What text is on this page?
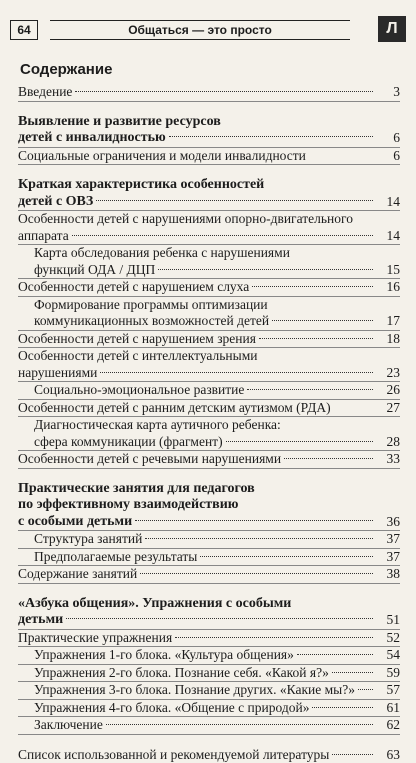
64	Общаться — это просто	Л
Содержание
Введение	3
Выявление и развитие ресурсов
детей с инвалидностью	6
Социальные ограничения и модели инвалидности	6
Краткая характеристика особенностей
детей с ОВЗ	14
Особенности детей с нарушениями опорно-двигательного
аппарата	14
Карта обследования ребенка с нарушениями
функций ОДА / ДЦП	15
Особенности детей с нарушением слуха	16
Формирование программы оптимизации
коммуникационных возможностей детей	17
Особенности детей с нарушением зрения	18
Особенности детей с интеллектуальными
нарушениями	23
Социально-эмоциональное развитие	26
Особенности детей с ранним детским аутизмом (РДА)	27
Диагностическая карта аутичного ребенка:
сфера коммуникации (фрагмент)	28
Особенности детей с речевыми нарушениями	33
Практические занятия для педагогов
по эффективному взаимодействию
с особыми детьми	36
Структура занятий	37
Предполагаемые результаты	37
Содержание занятий	38
«Азбука общения». Упражнения с особыми
детьми	51
Практические упражнения	52
Упражнения 1-го блока. «Культура общения»	54
Упражнения 2-го блока. Познание себя. «Какой я?»	59
Упражнения 3-го блока. Познание других. «Какие мы?»	57
Упражнения 4-го блока. «Общение с природой»	61
Заключение	62
Список использованной и рекомендуемой литературы	63
